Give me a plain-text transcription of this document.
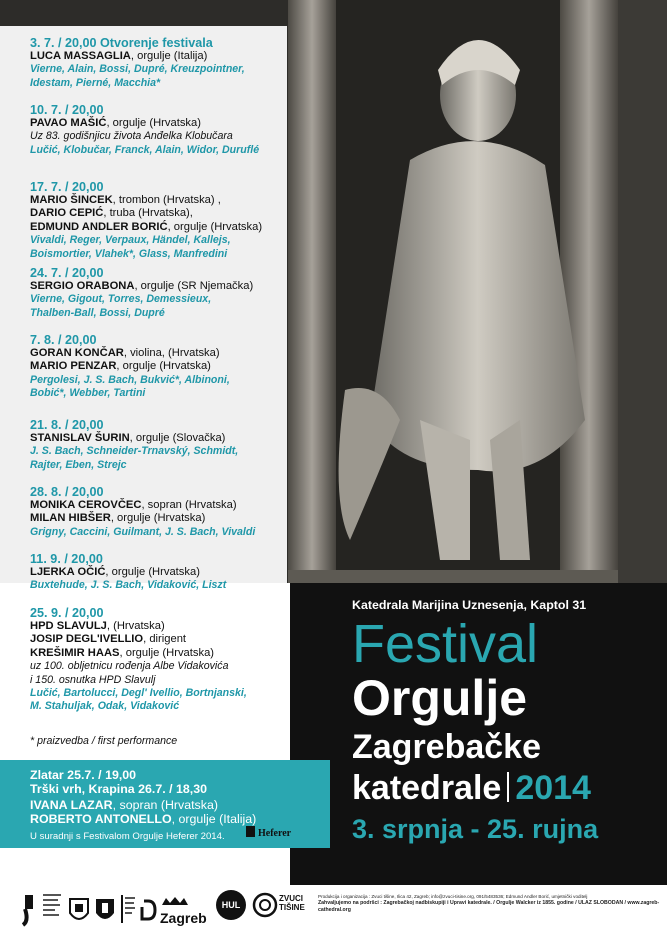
3. 7. / 20,00 Otvorenje festivala
LUCA MASSAGLIA, orgulje (Italija)
Vierne, Alain, Bossi, Dupré, Kreuzpointner,
Idestam, Pierné, Macchia*
10. 7. / 20,00
PAVAO MAŠIĆ, orgulje (Hrvatska)
Uz 83. godišnjicu života Anđelka Klobučara
Lučić, Klobučar, Franck, Alain, Widor, Duruflé
17. 7. / 20,00
MARIO ŠINCEK, trombon (Hrvatska) ,
DARIO CEPIĆ, truba (Hrvatska),
EDMUND ANDLER BORIĆ, orgulje (Hrvatska)
Vivaldi, Reger, Verpaux, Händel, Kallejs,
Boismortier, Vlahek*, Glass, Manfredini
24. 7. / 20,00
SERGIO ORABONA, orgulje (SR Njemačka)
Vierne, Gigout, Torres, Demessieux,
Thalben-Ball, Bossi, Dupré
7. 8. / 20,00
GORAN KONČAR, violina, (Hrvatska)
MARIO PENZAR, orgulje (Hrvatska)
Pergolesi, J. S. Bach, Bukvić*, Albinoni,
Bobić*, Webber, Tartini
21. 8. / 20,00
STANISLAV ŠURIN, orgulje (Slovačka)
J. S. Bach, Schneider-Trnavský, Schmidt,
Rajter, Eben, Strejc
28. 8. / 20,00
MONIKA CEROVČEC, sopran (Hrvatska)
MILAN HIBŠER, orgulje (Hrvatska)
Grigny, Caccini, Guilmant, J. S. Bach, Vivaldi
11. 9. / 20,00
LJERKA OČIĆ, orgulje (Hrvatska)
Buxtehude, J. S. Bach, Vidaković, Liszt
25. 9. / 20,00
HPD SLAVULJ, (Hrvatska)
JOSIP DEGL'IVELLIO, dirigent
KREŠIMIR HAAS, orgulje (Hrvatska)
uz 100. obljetnicu rođenja Albe Vidakovića
i 150. osnutka HPD Slavulj
Lučić, Bartolucci, Degl' Ivellio, Bortnjanski,
M. Stahuljak, Odak, Vidaković
* praizvedba / first performance
Katedrala Marijina Uznesenja, Kaptol 31
Festival
Orgulje
Zagrebačke
katedrale 2014
3. srpnja - 25. rujna
Zlatar 25.7. / 19,00
Trški vrh, Krapina 26.7. / 18,30
IVANA LAZAR, sopran (Hrvatska)
ROBERTO ANTONELLO, orgulje (Italija)
U suradnji s Festivalom Orgulje Heferer 2014.	Heferer
Zagreb
HUL
ZVUCI TIŠINE
Produkcija i organizacija : Zvuci tišine, Ilica 42, Zagreb; info@zvuci-tisine.org, 091/5483536; Edmund Andler Borić, umjetnički voditelj
Zahvaljujemo na podršci : Zagrebačkoj nadbiskupiji i Upravi katedrale. / Orgulje Walcker iz 1855. godine / ULAZ SLOBODAN / www.zagreb-cathedral.org
